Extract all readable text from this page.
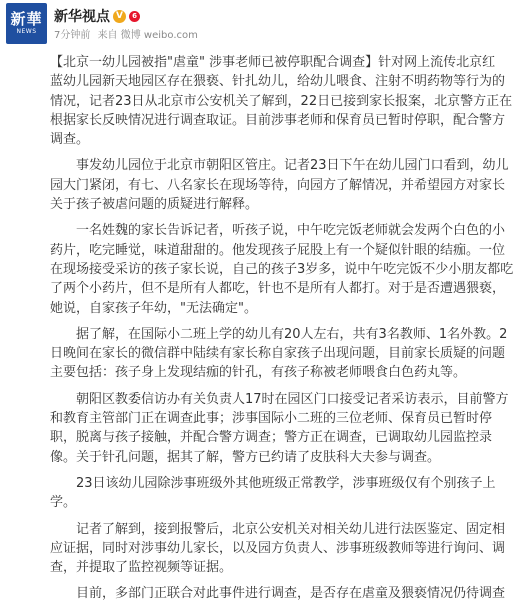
新華
NEWS
新华视点 V	6
7分钟前 来自 微博 weibo.com
【北京一幼儿园被指"虐童" 涉事老师已被停职配合调查】针对网上流传北京红
蓝幼儿园新天地园区存在猥亵、针扎幼儿，给幼儿喂食、注射不明药物等行为的
情况，记者23日从北京市公安机关了解到，22日已接到家长报案，北京警方正在
根据家长反映情况进行调查取证。目前涉事老师和保育员已暂时停职，配合警方
调查。
　　事发幼儿园位于北京市朝阳区管庄。记者23日下午在幼儿园门口看到，幼儿
园大门紧闭，有七、八名家长在现场等待，向园方了解情况，并希望园方对家长
关于孩子被虐问题的质疑进行解释。
　　一名姓魏的家长告诉记者，听孩子说，中午吃完饭老师就会发两个白色的小
药片，吃完睡觉，味道甜甜的。他发现孩子屁股上有一个疑似针眼的结痂。一位
在现场接受采访的孩子家长说，自己的孩子3岁多，说中午吃完饭不少小朋友都吃
了两个小药片，但不是所有人都吃，针也不是所有人都打。对于是否遭遇猥亵，
她说，自家孩子年幼，"无法确定"。
　　据了解，在国际小二班上学的幼儿有20人左右，共有3名教师、1名外教。2
日晚间在家长的微信群中陆续有家长称自家孩子出现问题，目前家长质疑的问题
主要包括：孩子身上发现结痂的针孔，有孩子称被老师喂食白色药丸等。
　　朝阳区教委信访办有关负责人17时在园区门口接受记者采访表示，目前警方
和教育主管部门正在调查此事；涉事国际小二班的三位老师、保育员已暂时停
职，脱离与孩子接触，并配合警方调查；警方正在调查，已调取幼儿园监控录
像。关于针孔问题，据其了解，警方已约请了皮肤科大夫参与调查。
　　23日该幼儿园除涉事班级外其他班级正常教学，涉事班级仅有个别孩子上
学。
　　记者了解到，接到报警后，北京公安机关对相关幼儿进行法医鉴定、固定相
应证据，同时对涉事幼儿家长，以及园方负责人、涉事班级教师等进行询问、调
查，并提取了监控视频等证据。
　　目前，多部门正联合对此事件进行调查，是否存在虐童及猥亵情况仍待调查
